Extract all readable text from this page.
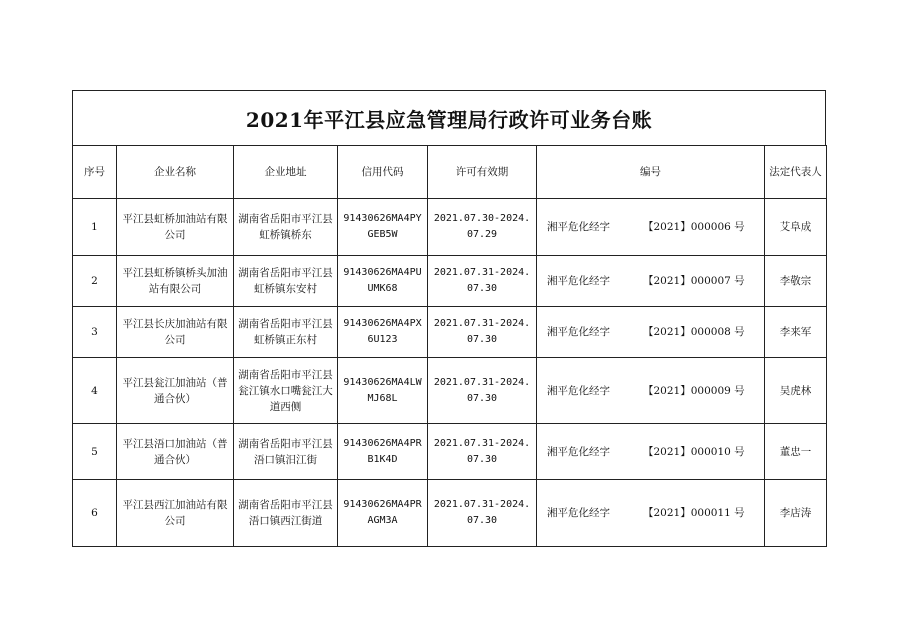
2021年平江县应急管理局行政许可业务台账
序号	企业名称	企业地址	信用代码	许可有效期	编号	法定代表人
1	平江县虹桥加油站有限公司	湖南省岳阳市平江县虹桥镇桥东	91430626MA4PYGEB5W	2021.07.30-2024.07.29	湘平危化经字 【2021】000006 号	艾阜成
2	平江县虹桥镇桥头加油站有限公司	湖南省岳阳市平江县虹桥镇东安村	91430626MA4PUUMK68	2021.07.31-2024.07.30	湘平危化经字 【2021】000007 号	李敬宗
3	平江县长庆加油站有限公司	湖南省岳阳市平江县虹桥镇正东村	91430626MA4PX6U123	2021.07.31-2024.07.30	湘平危化经字 【2021】000008 号	李来军
4	平江县瓮江加油站（普通合伙）	湖南省岳阳市平江县瓮江镇水口嘴瓮江大道西侧	91430626MA4LWMJ68L	2021.07.31-2024.07.30	湘平危化经字 【2021】000009 号	吴虎林
5	平江县浯口加油站（普通合伙）	湖南省岳阳市平江县浯口镇汨江街	91430626MA4PRB1K4D	2021.07.31-2024.07.30	湘平危化经字 【2021】000010 号	董忠一
6	平江县西江加油站有限公司	湖南省岳阳市平江县浯口镇西江街道	91430626MA4PRAGM3A	2021.07.31-2024.07.30	湘平危化经字 【2021】000011 号	李店涛
